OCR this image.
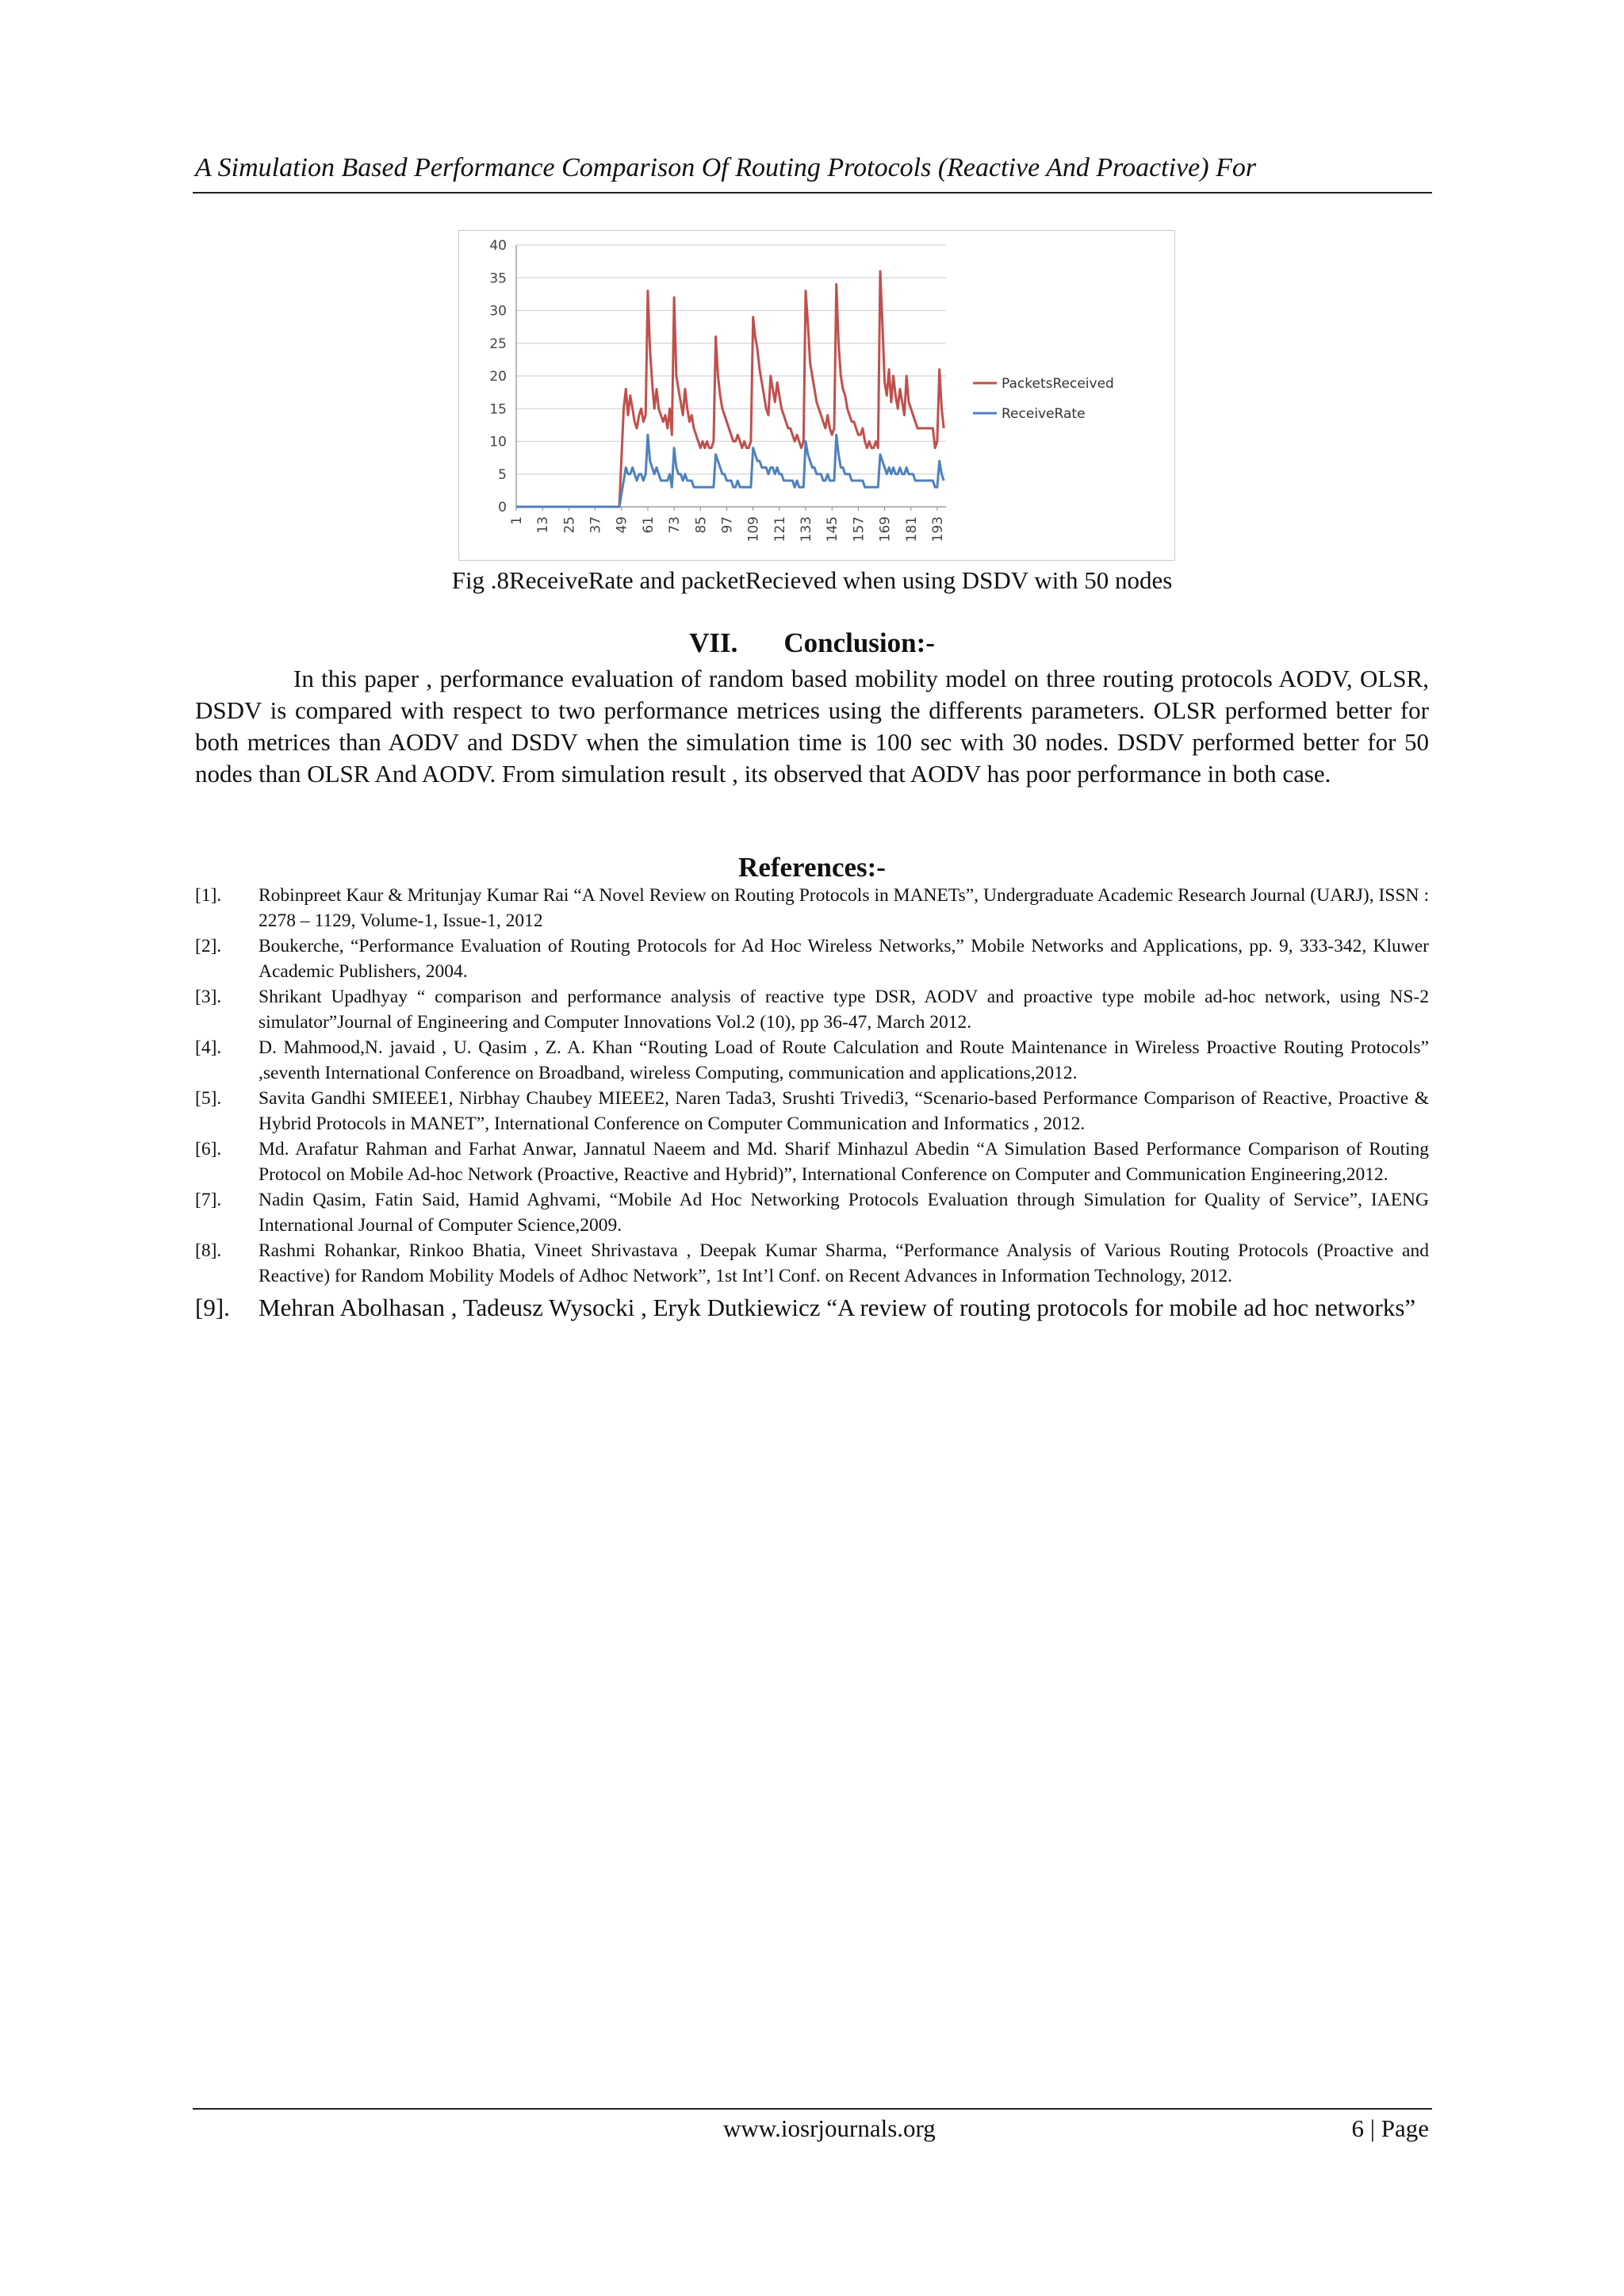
A Simulation Based Performance Comparison Of Routing Protocols (Reactive And Proactive) For
0
5
10
15
20
25
30
35
40
1 13 25 37 49 61 73 85 97 109 121 133 145 157 169 181 193
PacketsReceived
ReceiveRate
Fig .8ReceiveRate and packetRecieved when using DSDV with 50 nodes
VII. Conclusion:-
In this paper , performance evaluation of random based mobility model on three routing protocols AODV, OLSR, DSDV is compared with respect to two performance metrices using the differents parameters. OLSR performed better for both metrices than AODV and DSDV when the simulation time is 100 sec with 30 nodes. DSDV performed better for 50 nodes than OLSR And AODV. From simulation result , its observed that AODV has poor performance in both case.
References:-
[1].	Robinpreet Kaur & Mritunjay Kumar Rai “A Novel Review on Routing Protocols in MANETs”, Undergraduate Academic Research Journal (UARJ), ISSN : 2278 – 1129, Volume-1, Issue-1, 2012
[2].	Boukerche, “Performance Evaluation of Routing Protocols for Ad Hoc Wireless Networks,” Mobile Networks and Applications, pp. 9, 333-342, Kluwer Academic Publishers, 2004.
[3].	Shrikant Upadhyay “ comparison and performance analysis of reactive type DSR, AODV and proactive type mobile ad-hoc network, using NS-2 simulator”Journal of Engineering and Computer Innovations Vol.2 (10), pp 36-47, March 2012.
[4].	D. Mahmood,N. javaid , U. Qasim , Z. A. Khan “Routing Load of Route Calculation and Route Maintenance in Wireless Proactive Routing Protocols” ,seventh International Conference on Broadband, wireless Computing, communication and applications,2012.
[5].	Savita Gandhi SMIEEE1, Nirbhay Chaubey MIEEE2, Naren Tada3, Srushti Trivedi3, “Scenario-based Performance Comparison of Reactive, Proactive & Hybrid Protocols in MANET”, International Conference on Computer Communication and Informatics , 2012.
[6].	Md. Arafatur Rahman and Farhat Anwar, Jannatul Naeem and Md. Sharif Minhazul Abedin “A Simulation Based Performance Comparison of Routing Protocol on Mobile Ad-hoc Network (Proactive, Reactive and Hybrid)”, International Conference on Computer and Communication Engineering,2012.
[7].	Nadin Qasim, Fatin Said, Hamid Aghvami, “Mobile Ad Hoc Networking Protocols Evaluation through Simulation for Quality of Service”, IAENG International Journal of Computer Science,2009.
[8].	Rashmi Rohankar, Rinkoo Bhatia, Vineet Shrivastava , Deepak Kumar Sharma, “Performance Analysis of Various Routing Protocols (Proactive and Reactive) for Random Mobility Models of Adhoc Network”, 1st Int’l Conf. on Recent Advances in Information Technology, 2012.
[9].	Mehran Abolhasan , Tadeusz Wysocki , Eryk Dutkiewicz “A review of routing protocols for mobile ad hoc networks”
www.iosrjournals.org	6 | Page
